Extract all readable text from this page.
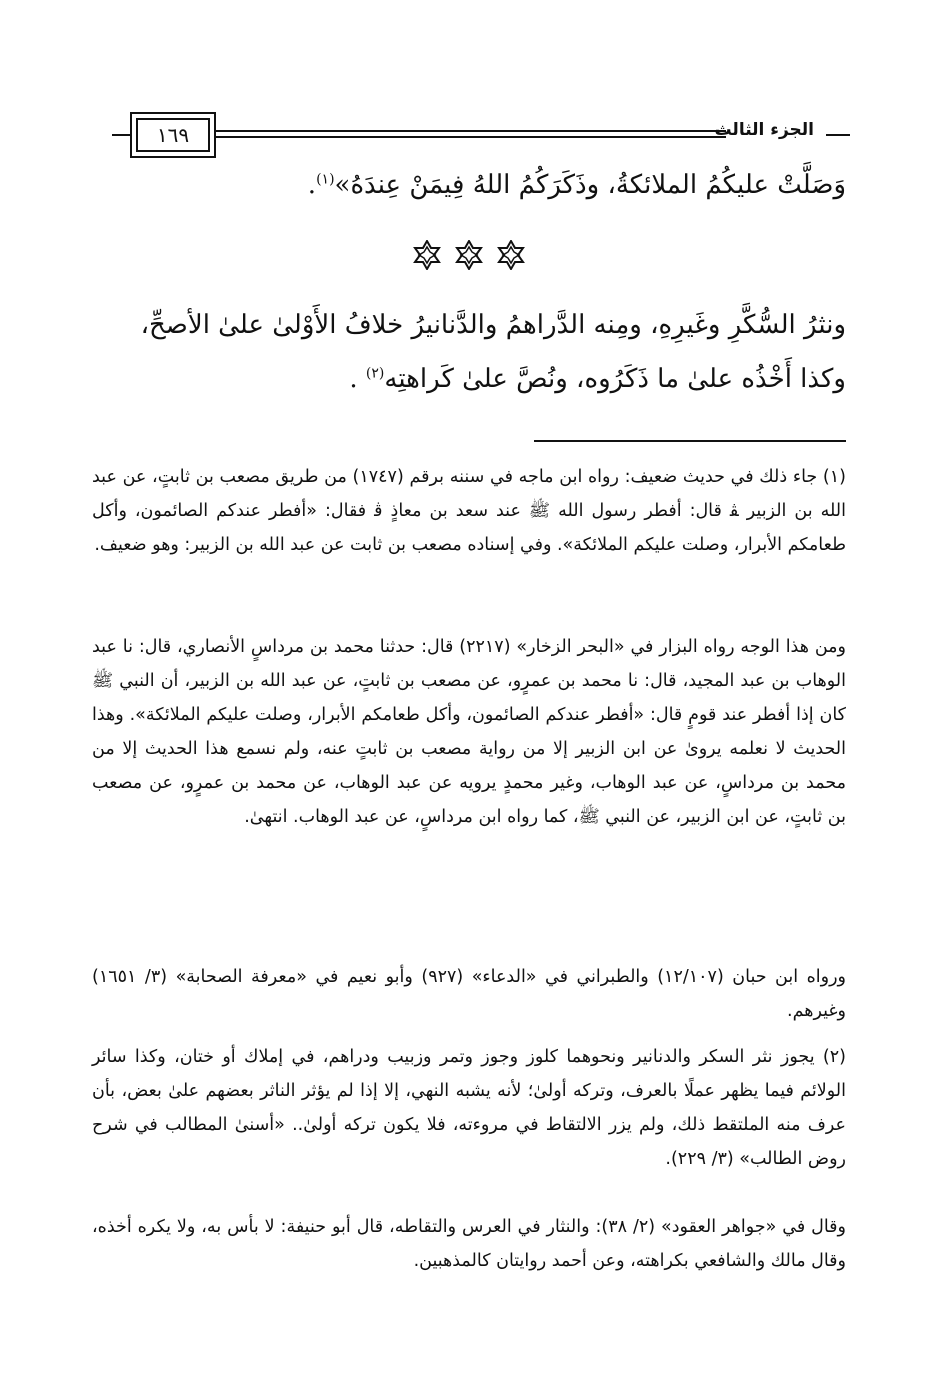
الجزء الثالث
١٦٩
وَصَلَّتْ عليكُمُ الملائكةُ، وذَكَرَكُمُ اللهُ فِيمَنْ عِندَهُ»$^{(١)}$.
ونثرُ السُّكَّرِ وغَيرِهِ، ومِنه الدَّراهمُ والدَّنانيرُ خلافُ الأَوْلىٰ علىٰ الأصحِّ،
وكذا أَخْذُه علىٰ ما ذَكَرُوه، ونُصَّ علىٰ كَراهتِه$^{(٢)}$ .
(١) جاء ذلك في حديث ضعيف: رواه ابن ماجه في سننه برقم (١٧٤٧) من طريق مصعب بن ثابتٍ، عن عبد الله بن الزبير ﭭ قال: أفطر رسول الله ﷺ عند سعد بن معاذٍ ﭬ فقال: «أفطر عندكم الصائمون، وأكل طعامكم الأبرار، وصلت عليكم الملائكة». وفي إسناده مصعب بن ثابت عن عبد الله بن الزبير: وهو ضعيف.
ومن هذا الوجه رواه البزار في «البحر الزخار» (٢٢١٧) قال: حدثنا محمد بن مرداسٍ الأنصاري، قال: نا عبد الوهاب بن عبد المجيد، قال: نا محمد بن عمرٍو، عن مصعب بن ثابتٍ، عن عبد الله بن الزبير، أن النبي ﷺ كان إذا أفطر عند قومٍ قال: «أفطر عندكم الصائمون، وأكل طعامكم الأبرار، وصلت عليكم الملائكة». وهذا الحديث لا نعلمه يرویٰ عن ابن الزبير إلا من رواية مصعب بن ثابتٍ عنه، ولم نسمع هذا الحديث إلا من محمد بن مرداسٍ، عن عبد الوهاب، وغير محمدٍ يرويه عن عبد الوهاب، عن محمد بن عمرٍو، عن مصعب بن ثابتٍ، عن ابن الزبير، عن النبي ﷺ، كما رواه ابن مرداسٍ، عن عبد الوهاب. انتهىٰ.
ورواه ابن حبان (١٢/١٠٧) والطبراني في «الدعاء» (٩٢٧) وأبو نعيم في «معرفة الصحابة» (٣/ ١٦٥١) وغيرهم.
(٢) يجوز نثر السكر والدنانير ونحوهما كلوز وجوز وتمر وزبيب ودراهم، في إملاك أو ختان، وكذا سائر الولائم فيما يظهر عملًا بالعرف، وتركه أولىٰ؛ لأنه يشبه النهي، إلا إذا لم يؤثر الناثر بعضهم علىٰ بعض، بأن عرف منه الملتقط ذلك، ولم يزر الالتقاط في مروءته، فلا يكون تركه أولىٰ.. «أسنىٰ المطالب في شرح روض الطالب» (٣/ ٢٢٩).
وقال في «جواهر العقود» (٢/ ٣٨): والنثار في العرس والتقاطه، قال أبو حنيفة: لا بأس به، ولا يكره أخذه، وقال مالك والشافعي بكراهته، وعن أحمد روايتان كالمذهبين.
